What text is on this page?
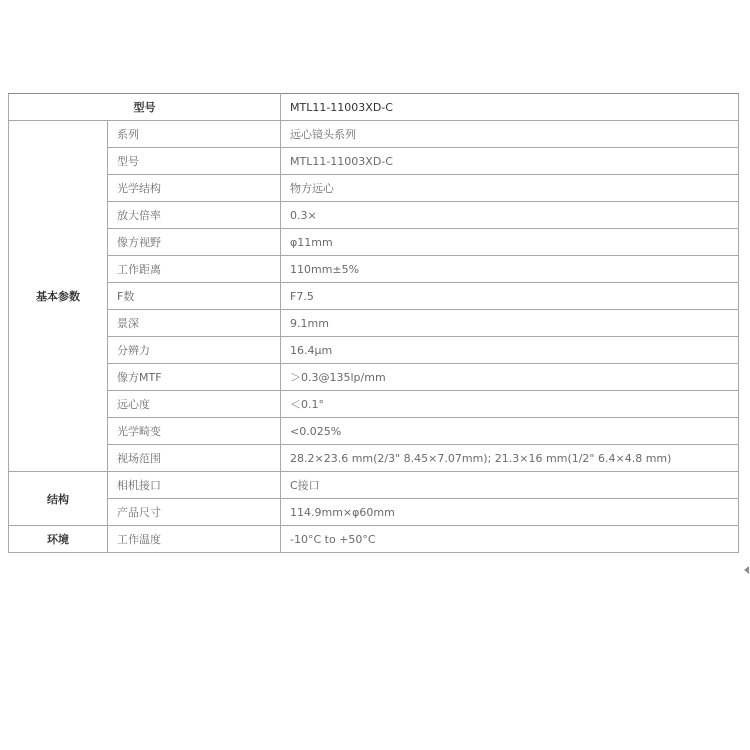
型号		MTL11-11003XD-C
基本参数	系列	远心镜头系列
	型号	MTL11-11003XD-C
	光学结构	物方远心
	放大倍率	0.3×
	像方视野	φ11mm
	工作距离	110mm±5%
	F数	F7.5
	景深	9.1mm
	分辨力	16.4μm
	像方MTF	＞0.3@135lp/mm
	远心度	＜0.1°
	光学畸变	<0.025%
	视场范围	28.2×23.6 mm(2/3" 8.45×7.07mm); 21.3×16 mm(1/2" 6.4×4.8 mm)
结构	相机接口	C接口
	产品尺寸	114.9mm×φ60mm
环境	工作温度	-10°C to +50°C
